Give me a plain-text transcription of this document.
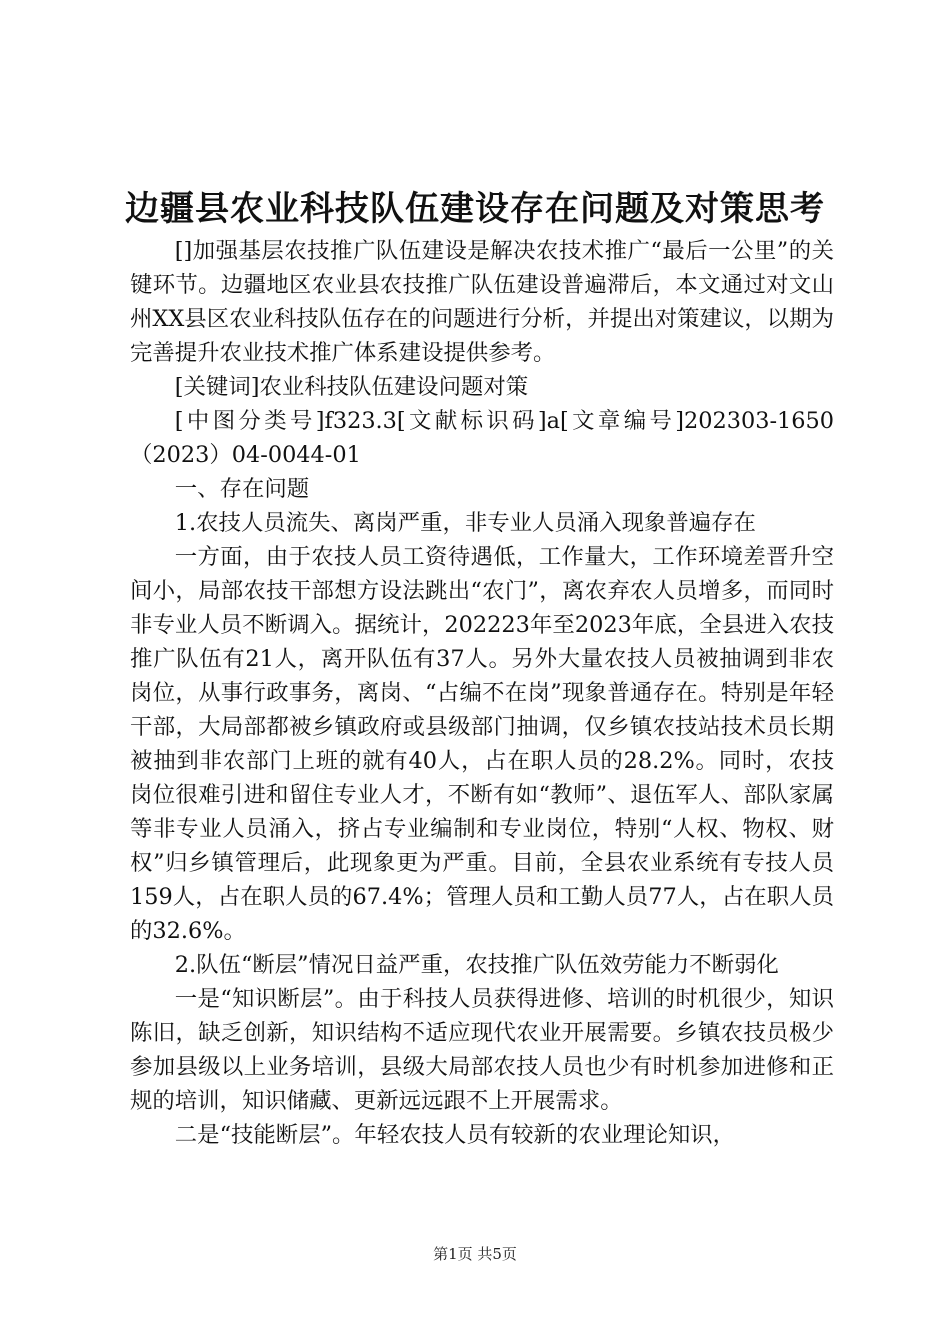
边疆县农业科技队伍建设存在问题及对策思考

[]加强基层农技推广队伍建设是解决农技术推广“最后一公里”的关键环节。边疆地区农业县农技推广队伍建设普遍滞后，本文通过对文山州XX县区农业科技队伍存在的问题进行分析，并提出对策建议，以期为完善提升农业技术推广体系建设提供参考。

[关键词]农业科技队伍建设问题对策

[中图分类号]f323.3[文献标识码]a[文章编号]202303-1650（2023）04-0044-01

一、存在问题

1.农技人员流失、离岗严重，非专业人员涌入现象普遍存在

一方面，由于农技人员工资待遇低，工作量大，工作环境差晋升空间小，局部农技干部想方设法跳出“农门”，离农弃农人员增多，而同时非专业人员不断调入。据统计，202223年至2023年底，全县进入农技推广队伍有21人，离开队伍有37人。另外大量农技人员被抽调到非农岗位，从事行政事务，离岗、“占编不在岗”现象普通存在。特别是年轻干部，大局部都被乡镇政府或县级部门抽调，仅乡镇农技站技术员长期被抽到非农部门上班的就有40人，占在职人员的28.2%。同时，农技岗位很难引进和留住专业人才，不断有如“教师”、退伍军人、部队家属等非专业人员涌入，挤占专业编制和专业岗位，特别“人权、物权、财权”归乡镇管理后，此现象更为严重。目前，全县农业系统有专技人员159人，占在职人员的67.4%；管理人员和工勤人员77人，占在职人员的32.6%。

2.队伍“断层”情况日益严重，农技推广队伍效劳能力不断弱化

一是“知识断层”。由于科技人员获得进修、培训的时机很少，知识陈旧，缺乏创新，知识结构不适应现代农业开展需要。乡镇农技员极少参加县级以上业务培训，县级大局部农技人员也少有时机参加进修和正规的培训，知识储藏、更新远远跟不上开展需求。

二是“技能断层”。年轻农技人员有较新的农业理论知识，

第1页 共5页
